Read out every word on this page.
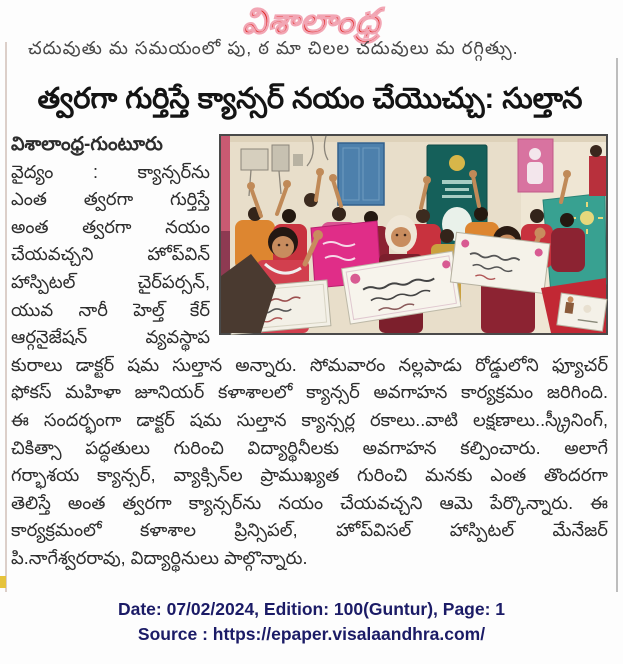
విశాలాంధ్ర
చదువుతు మ సమయంలో పు, ఠ మా చిలల చదువులు మ రగ్గిత్సు.
త్వరగా గుర్తిస్తే క్యాన్సర్ నయం చేయొచ్చు: సుల్తాన
విశాలాంధ్ర-గుంటూరు
వైద్యం : క్యాన్సర్‌ను
ఎంత త్వరగా గుర్తిస్తే
అంత త్వరగా నయం
చేయవచ్చని హోప్‌విన్
హాస్పిటల్ చైర్‌పర్సన్,
యువ నారీ హెల్త్ కేర్
ఆర్గనైజేషన్ వ్యవస్థాప
కురాలు డాక్టర్ షమ సుల్తాన అన్నారు. సోమవారం నల్లపాడు రోడ్డులోని ఫ్యూచర్
ఫోకస్ మహిళా జూనియర్ కళాశాలలో క్యాన్సర్ అవగాహన కార్యక్రమం జరిగింది.
ఈ సందర్భంగా డాక్టర్ షమ సుల్తాన క్యాన్సర్ల రకాలు..వాటి లక్షణాలు..స్క్రీనింగ్,
చికిత్సా పద్ధతులు గురించి విద్యార్థినీలకు అవగాహన కల్పించారు. అలాగే
గర్భాశయ క్యాన్సర్, వ్యాక్సిన్‌ల ప్రాముఖ్యత గురించి మనకు ఎంత తొందరగా
తెలిస్తే అంత త్వరగా క్యాన్సర్‌ను నయం చేయవచ్చని ఆమె పేర్కొన్నారు. ఈ
కార్యక్రమంలో కళాశాల ప్రిన్సిపల్, హోప్‌విసల్ హాస్పిటల్ మేనేజర్
పి.నాగేశ్వరరావు, విద్యార్థినులు పాల్గొన్నారు.
Date: 07/02/2024, Edition: 100(Guntur), Page: 1
Source : https://epaper.visalaandhra.com/
